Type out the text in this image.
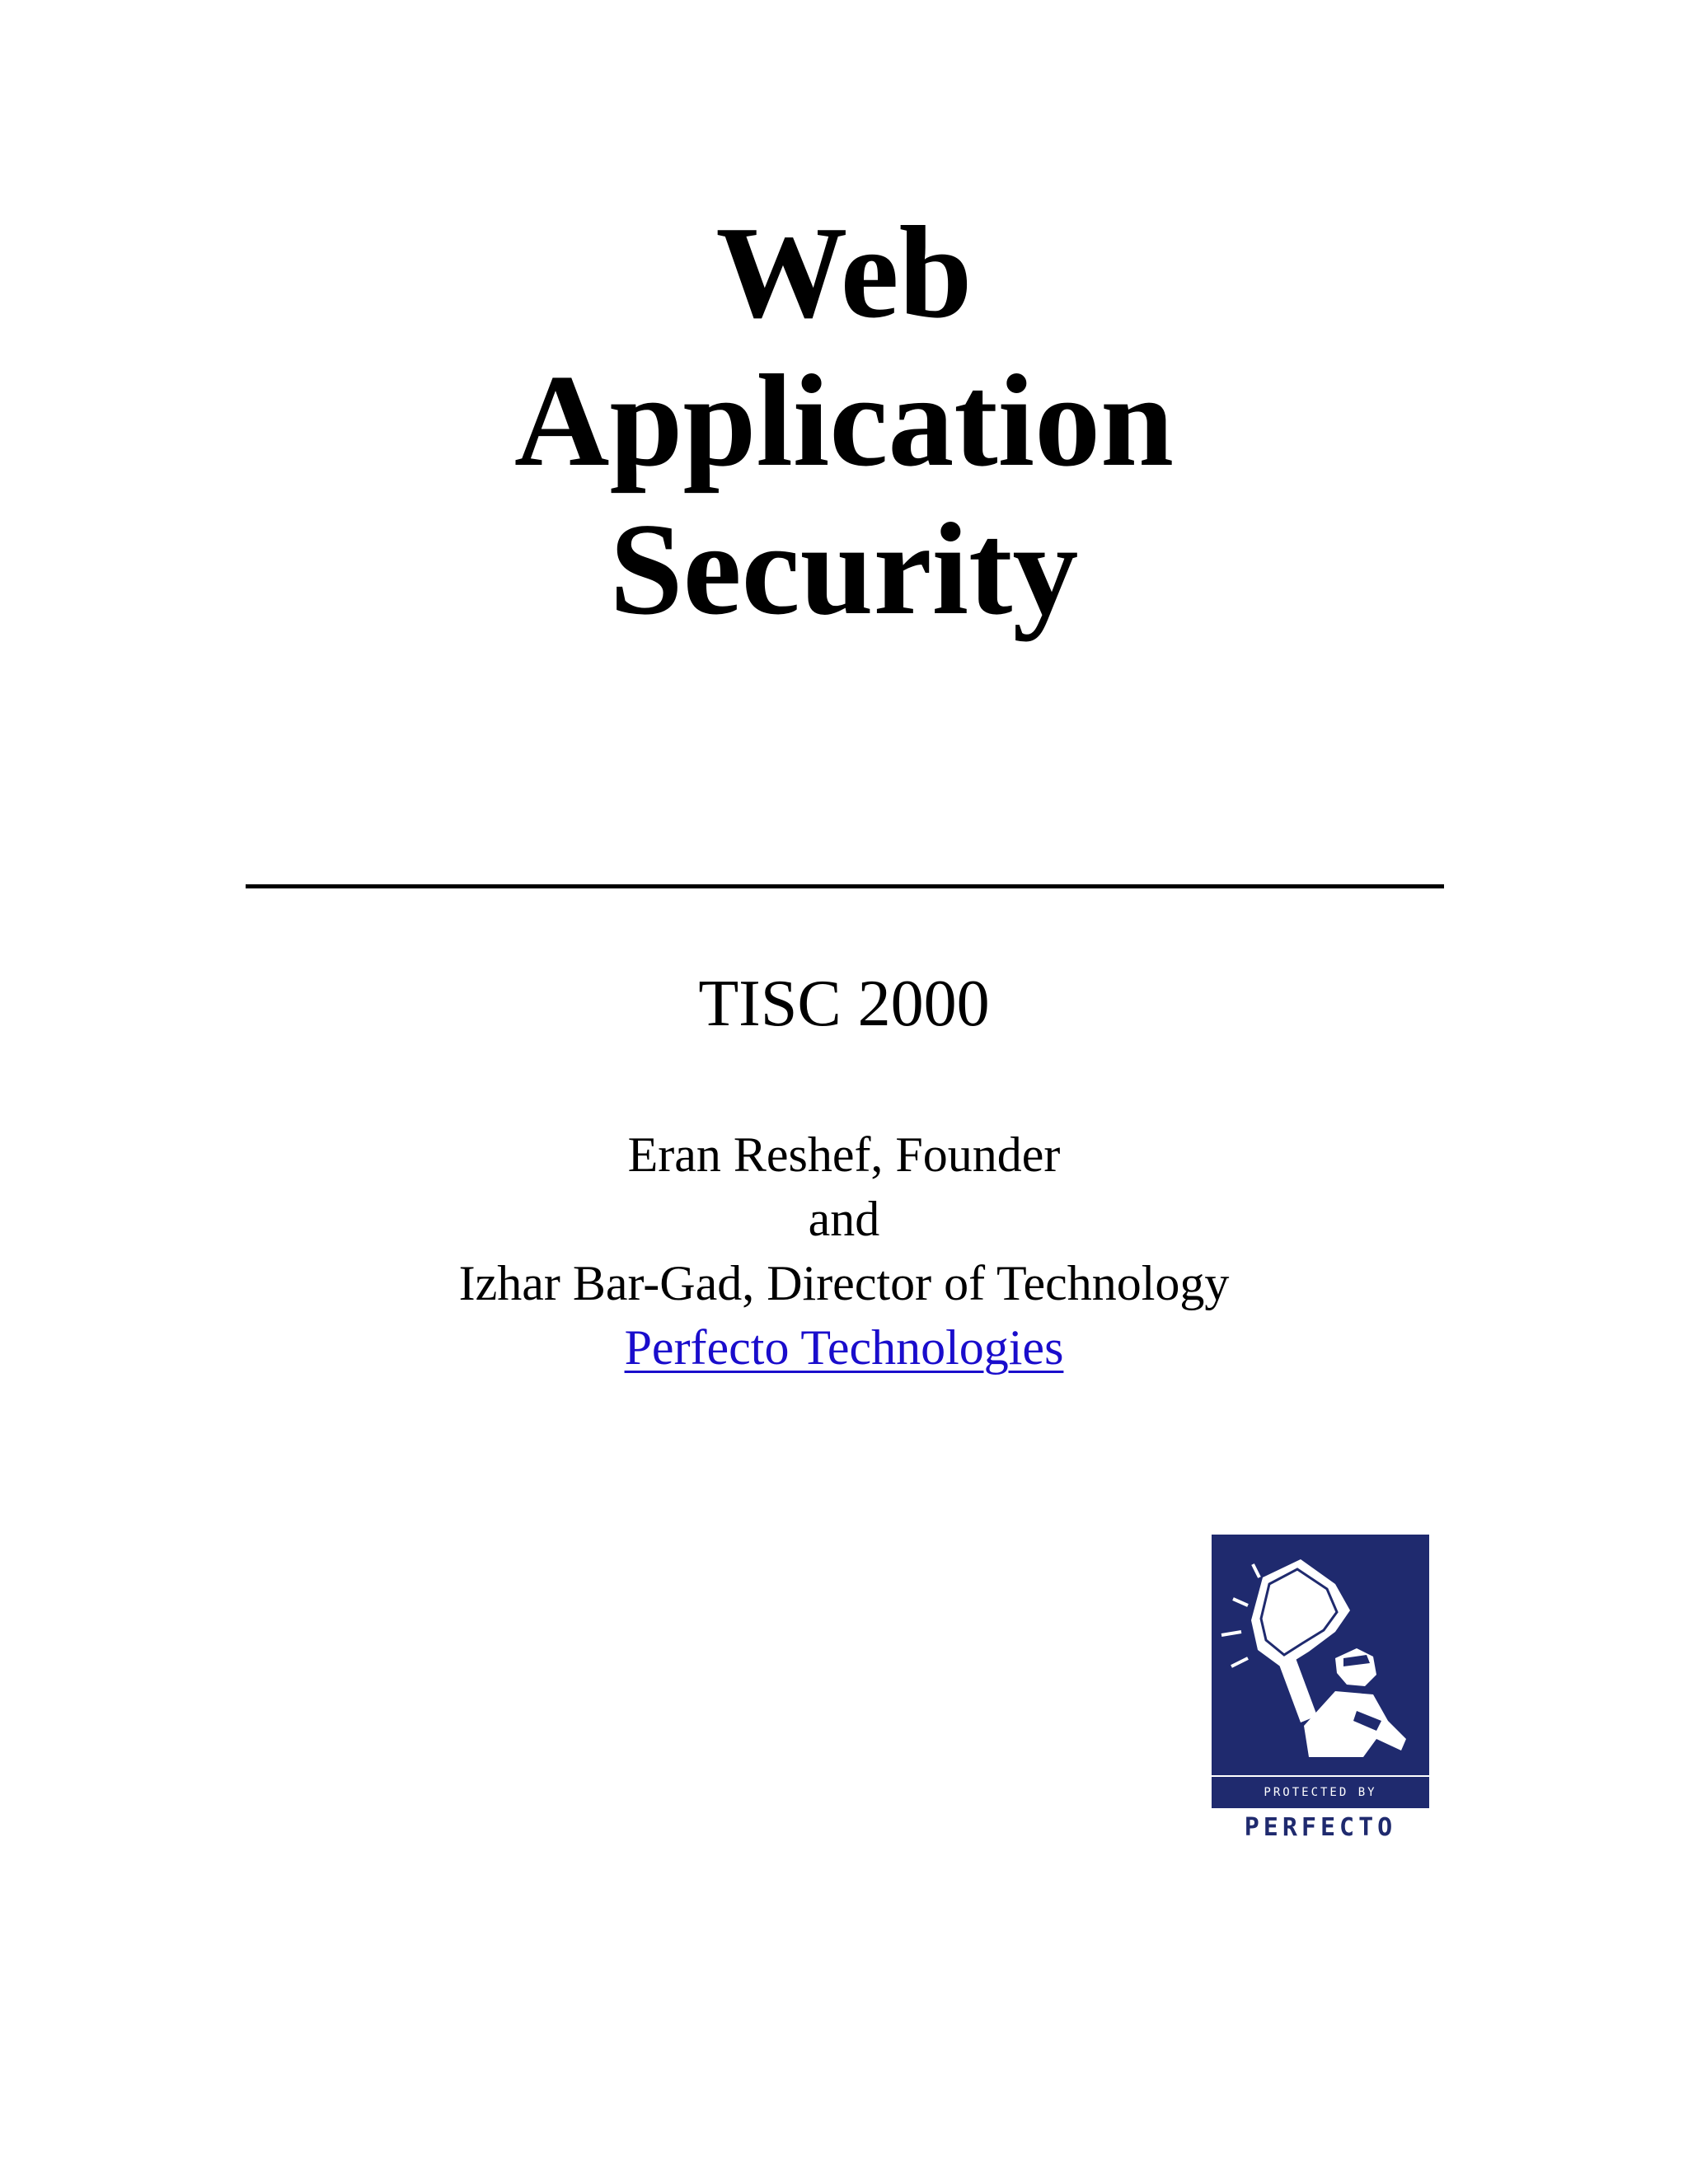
Web
Application
Security
TISC 2000
Eran Reshef, Founder
and
Izhar Bar-Gad, Director of Technology
Perfecto Technologies
PROTECTED BY
PERFECTO
